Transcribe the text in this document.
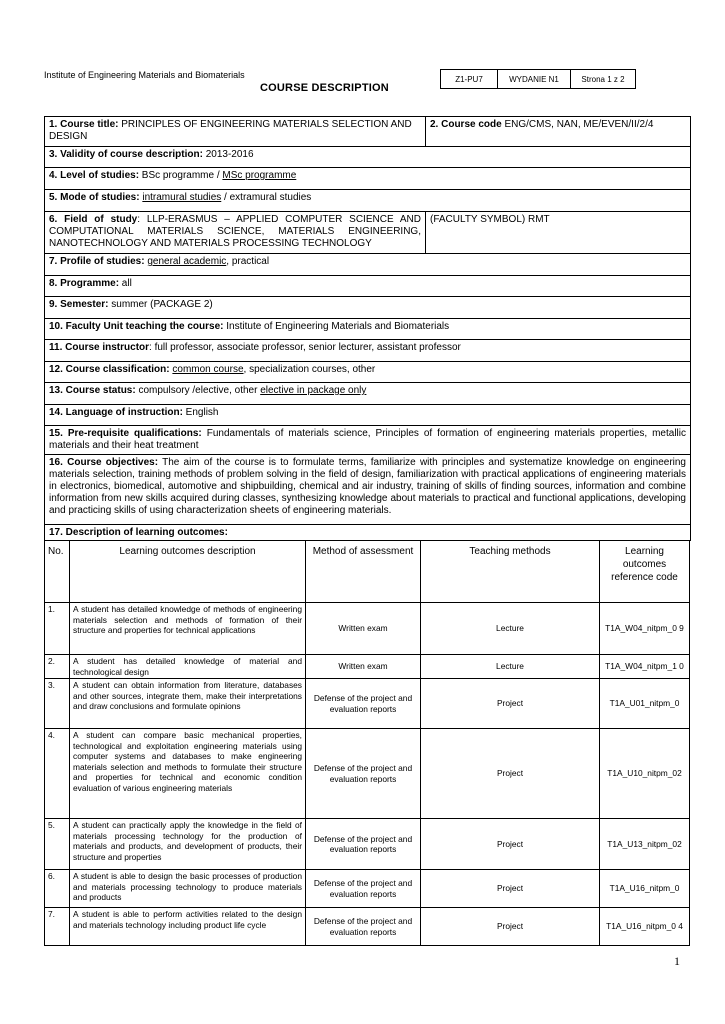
Institute of Engineering Materials and Biomaterials
COURSE DESCRIPTION
Z1-PU7	WYDANIE N1	Strona 1 z 2
1. Course title: PRINCIPLES OF ENGINEERING MATERIALS SELECTION AND DESIGN
2. Course code ENG/CMS, NAN, ME/EVEN/II/2/4
3. Validity of course description: 2013-2016
4. Level of studies: BSc programme / MSc programme
5. Mode of studies: intramural studies / extramural studies
6. Field of study: LLP-ERASMUS – APPLIED COMPUTER SCIENCE AND COMPUTATIONAL MATERIALS SCIENCE, MATERIALS ENGINEERING, NANOTECHNOLOGY AND MATERIALS PROCESSING TECHNOLOGY
(FACULTY SYMBOL) RMT
7. Profile of studies: general academic, practical
8. Programme: all
9. Semester: summer (PACKAGE 2)
10. Faculty Unit teaching the course: Institute of Engineering Materials and Biomaterials
11. Course instructor: full professor, associate professor, senior lecturer, assistant professor
12. Course classification: common course, specialization courses, other
13. Course status: compulsory /elective, other elective in package only
14. Language of instruction: English
15. Pre-requisite qualifications: Fundamentals of materials science, Principles of formation of engineering materials properties, metallic materials and their heat treatment
16. Course objectives: The aim of the course is to formulate terms, familiarize with principles and systematize knowledge on engineering materials selection, training methods of problem solving in the field of design, familiarization with practical applications of engineering materials in electronics, biomedical, automotive and shipbuilding, chemical and air industry, training of skills of finding sources, information and combine information from new skills acquired during classes, synthesizing knowledge about materials to practical and functional applications, developing and practicing skills of using characterization sheets of engineering materials.
17. Description of learning outcomes:
No.	Learning outcomes description	Method of assessment	Teaching methods	Learning outcomes reference code
1.	A student has detailed knowledge of methods of engineering materials selection and methods of formation of their structure and properties for technical applications	Written exam	Lecture	T1A_W04_nitpm_0 9
2.	A student has detailed knowledge of material and technological design	Written exam	Lecture	T1A_W04_nitpm_1 0
3.	A student can obtain information from literature, databases and other sources, integrate them, make their interpretations and draw conclusions and formulate opinions	Defense of the project and evaluation reports	Project	T1A_U01_nitpm_0
4.	A student can compare basic mechanical properties, technological and exploitation engineering materials using computer systems and databases to make engineering materials selection and methods to formulate their structure and properties for technical and economic condition evaluation of various engineering materials	Defense of the project and evaluation reports	Project	T1A_U10_nitpm_02
5.	A student can practically apply the knowledge in the field of materials processing technology for the production of materials and products, and development of products, their structure and properties	Defense of the project and evaluation reports	Project	T1A_U13_nitpm_02
6.	A student is able to design the basic processes of production and materials processing technology to produce materials and products	Defense of the project and evaluation reports	Project	T1A_U16_nitpm_0
7.	A student is able to perform activities related to the design and materials technology including product life cycle	Defense of the project and evaluation reports	Project	T1A_U16_nitpm_0 4
1
